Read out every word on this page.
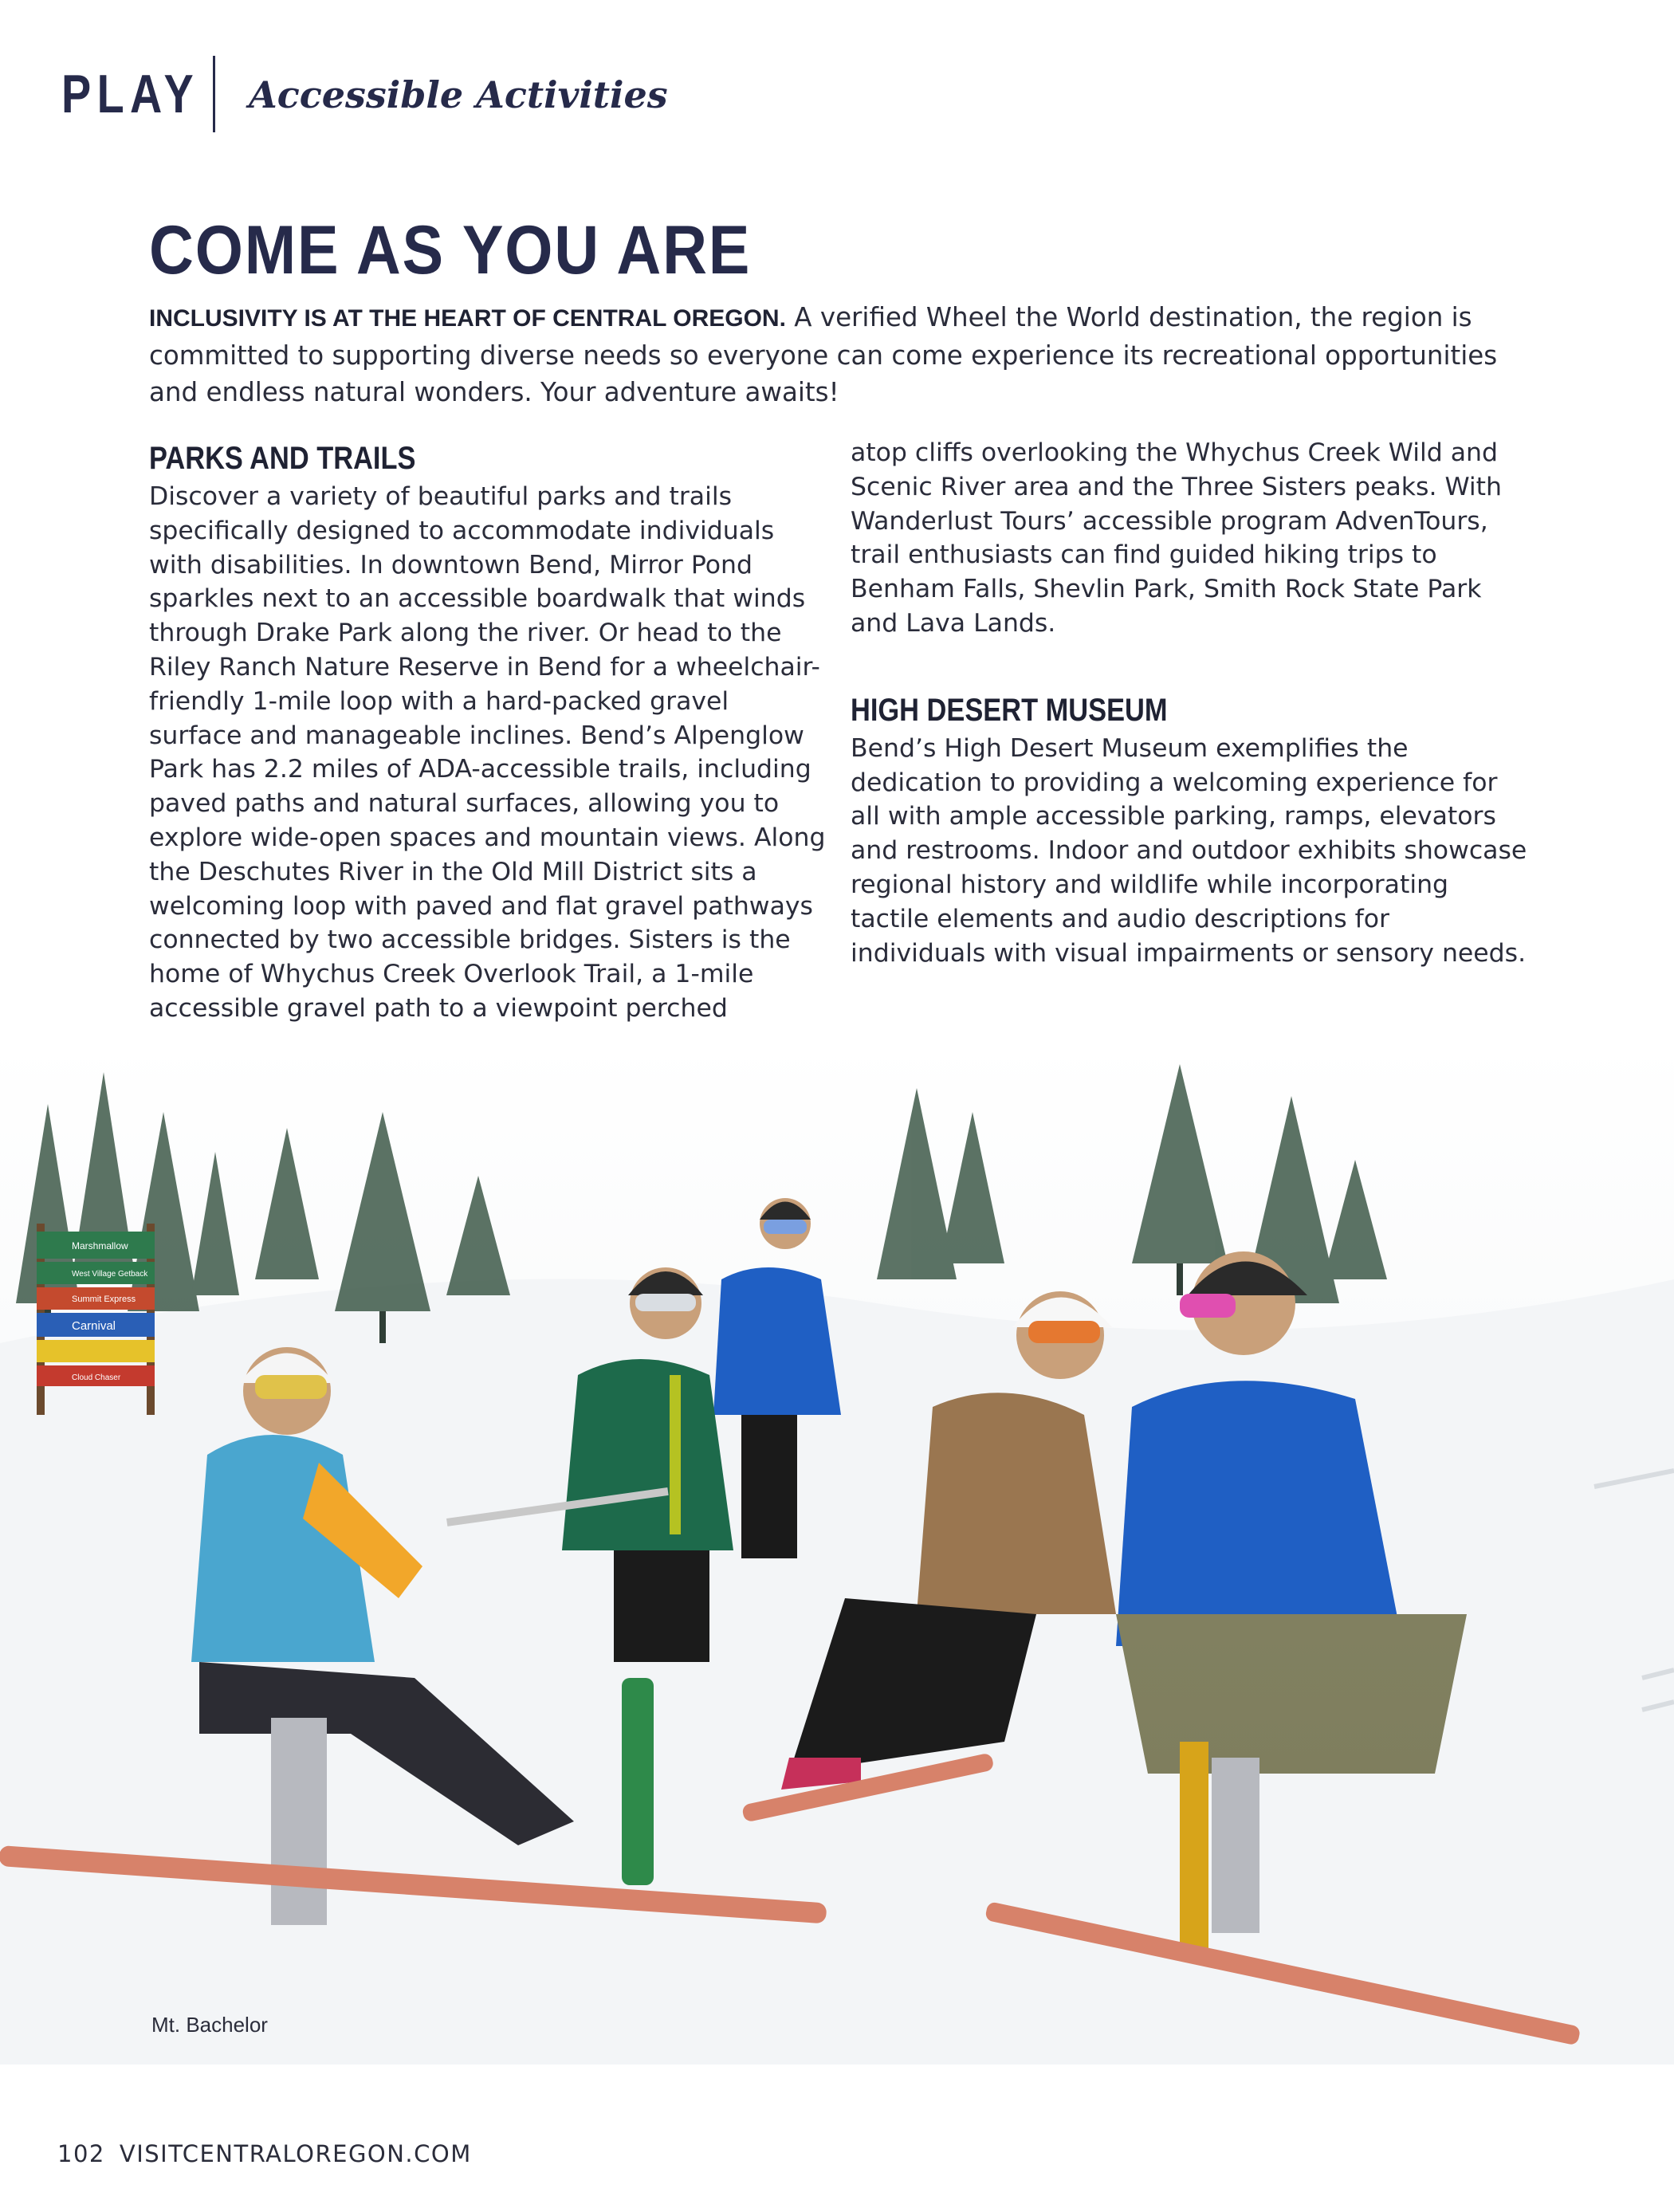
PLAY Accessible Activities
COME AS YOU ARE
INCLUSIVITY IS AT THE HEART OF CENTRAL OREGON. A verified Wheel the World destination, the region is committed to supporting diverse needs so everyone can come experience its recreational opportunities and endless natural wonders. Your adventure awaits!
PARKS AND TRAILS

Discover a variety of beautiful parks and trails specifically designed to accommodate individuals with disabilities. In downtown Bend, Mirror Pond sparkles next to an accessible boardwalk that winds through Drake Park along the river. Or head to the Riley Ranch Nature Reserve in Bend for a wheelchair-friendly 1-mile loop with a hard-packed gravel surface and manageable inclines. Bend’s Alpenglow Park has 2.2 miles of ADA-accessible trails, including paved paths and natural surfaces, allowing you to explore wide-open spaces and mountain views. Along the Deschutes River in the Old Mill District sits a welcoming loop with paved and flat gravel pathways connected by two accessible bridges. Sisters is the home of Whychus Creek Overlook Trail, a 1-mile accessible gravel path to a viewpoint perched

atop cliffs overlooking the Whychus Creek Wild and Scenic River area and the Three Sisters peaks. With Wanderlust Tours’ accessible program AdvenTours, trail enthusiasts can find guided hiking trips to Benham Falls, Shevlin Park, Smith Rock State Park and Lava Lands.

HIGH DESERT MUSEUM

Bend’s High Desert Museum exemplifies the dedication to providing a welcoming experience for all with ample accessible parking, ramps, elevators and restrooms. Indoor and outdoor exhibits showcase regional history and wildlife while incorporating tactile elements and audio descriptions for individuals with visual impairments or sensory needs.

Marshmallow
West Village Getback
Summit Express
Carnival
Cloud Chaser
Mt. Bachelor
102 VISITCENTRALOREGON.COM
